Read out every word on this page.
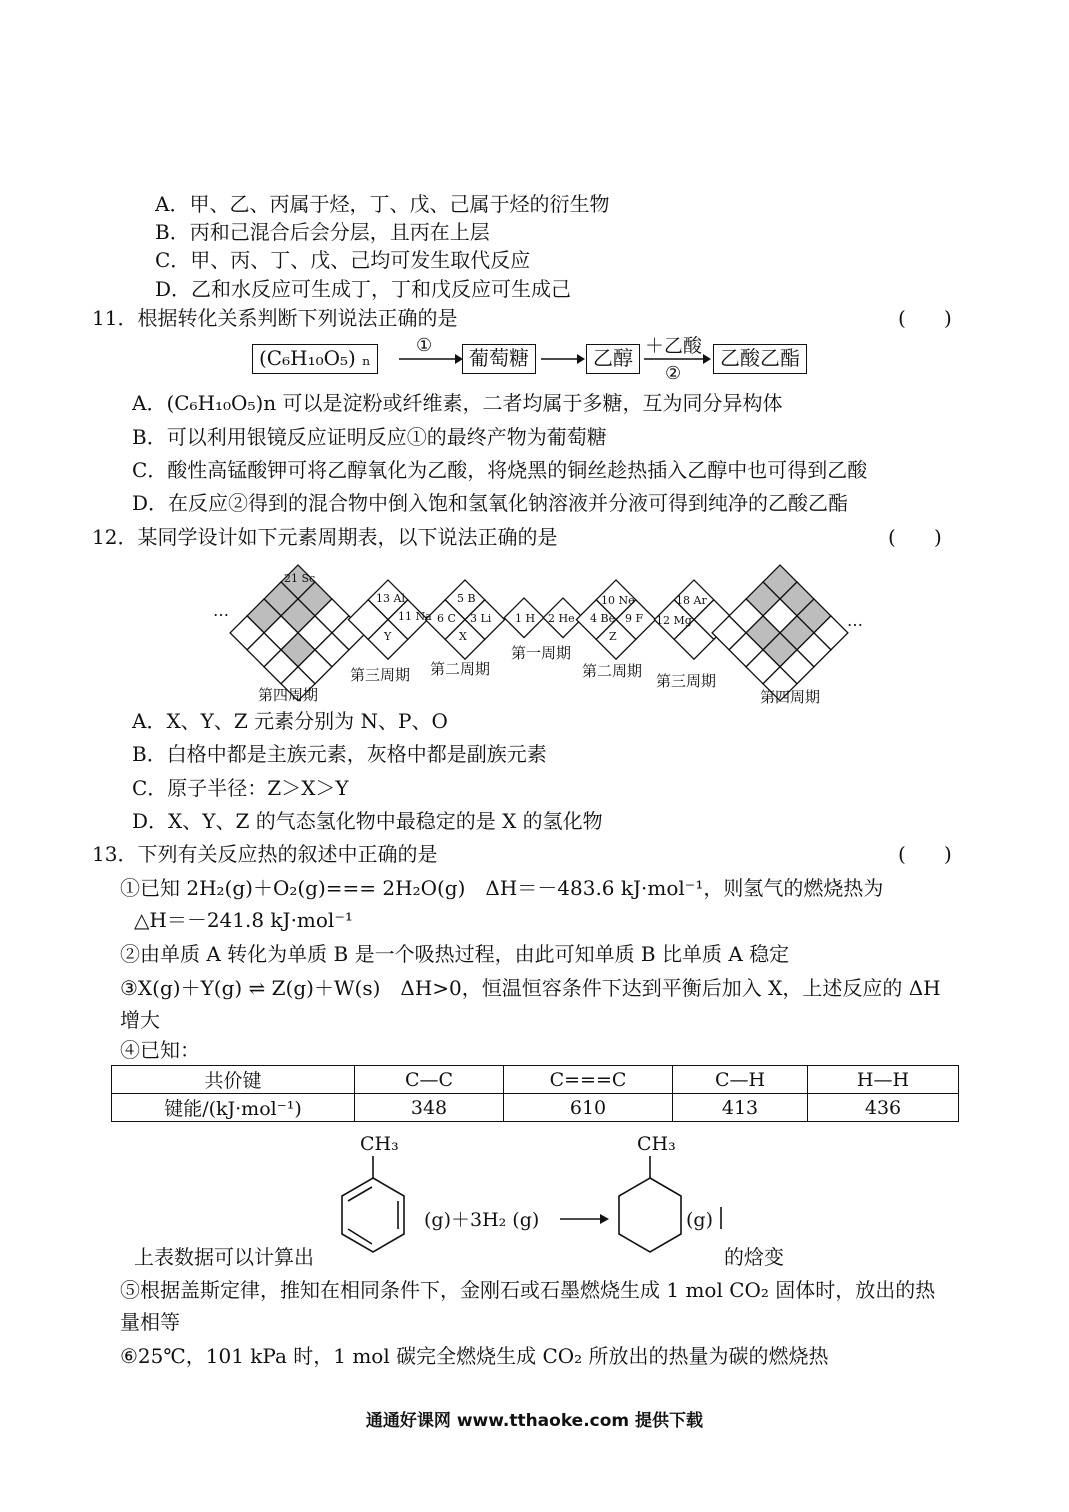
A．甲、乙、丙属于烃，丁、戊、己属于烃的衍生物
B．丙和己混合后会分层，且丙在上层
C．甲、丙、丁、戊、己均可发生取代反应
D．乙和水反应可生成丁，丁和戊反应可生成己
11．根据转化关系判断下列说法正确的是	(      )
(C₆H₁₀O₅) ₙ
①
葡萄糖	乙醇 ＋乙酸
②
乙酸乙酯
A．(C₆H₁₀O₅)n 可以是淀粉或纤维素，二者均属于多糖，互为同分异构体
B．可以利用银镜反应证明反应①的最终产物为葡萄糖
C．酸性高锰酸钾可将乙醇氧化为乙酸，将烧黑的铜丝趁热插入乙醇中也可得到乙酸
D．在反应②得到的混合物中倒入饱和氢氧化钠溶液并分液可得到纯净的乙酸乙酯
12．某同学设计如下元素周期表，以下说法正确的是	(      )
…
…
21 Sc
13 Al
11 Na
Y
5 B
6 C 3 Li
X
1 H 2 He
10 Ne
4 Be 9 F
Z
18 Ar
12 Mg
第四周期
第三周期 第二周期
第一周期
第二周期
第三周期
第四周期
A．X、Y、Z 元素分别为 N、P、O
B．白格中都是主族元素，灰格中都是副族元素
C．原子半径：Z＞X＞Y
D．X、Y、Z 的气态氢化物中最稳定的是 X 的氢化物
13．下列有关反应热的叙述中正确的是	(      )
①已知 2H₂(g)＋O₂(g)=== 2H₂O(g)　ΔH＝－483.6 kJ·mol⁻¹，则氢气的燃烧热为
△H＝－241.8 kJ·mol⁻¹
②由单质 A 转化为单质 B 是一个吸热过程，由此可知单质 B 比单质 A 稳定
③X(g)＋Y(g) ⇌ Z(g)＋W(s)　ΔH>0，恒温恒容条件下达到平衡后加入 X，上述反应的 ΔH
增大
④已知：
共价键	C—C	C===C	C—H	H—H
键能/(kJ·mol⁻¹)	348	610	413	436
CH₃	CH₃
(g)＋3H₂ (g)	(g)
上表数据可以计算出	的焓变
⑤根据盖斯定律，推知在相同条件下，金刚石或石墨燃烧生成 1 mol CO₂ 固体时，放出的热
量相等
⑥25℃，101 kPa 时，1 mol 碳完全燃烧生成 CO₂ 所放出的热量为碳的燃烧热
通通好课网 www.tthaoke.com 提供下载
